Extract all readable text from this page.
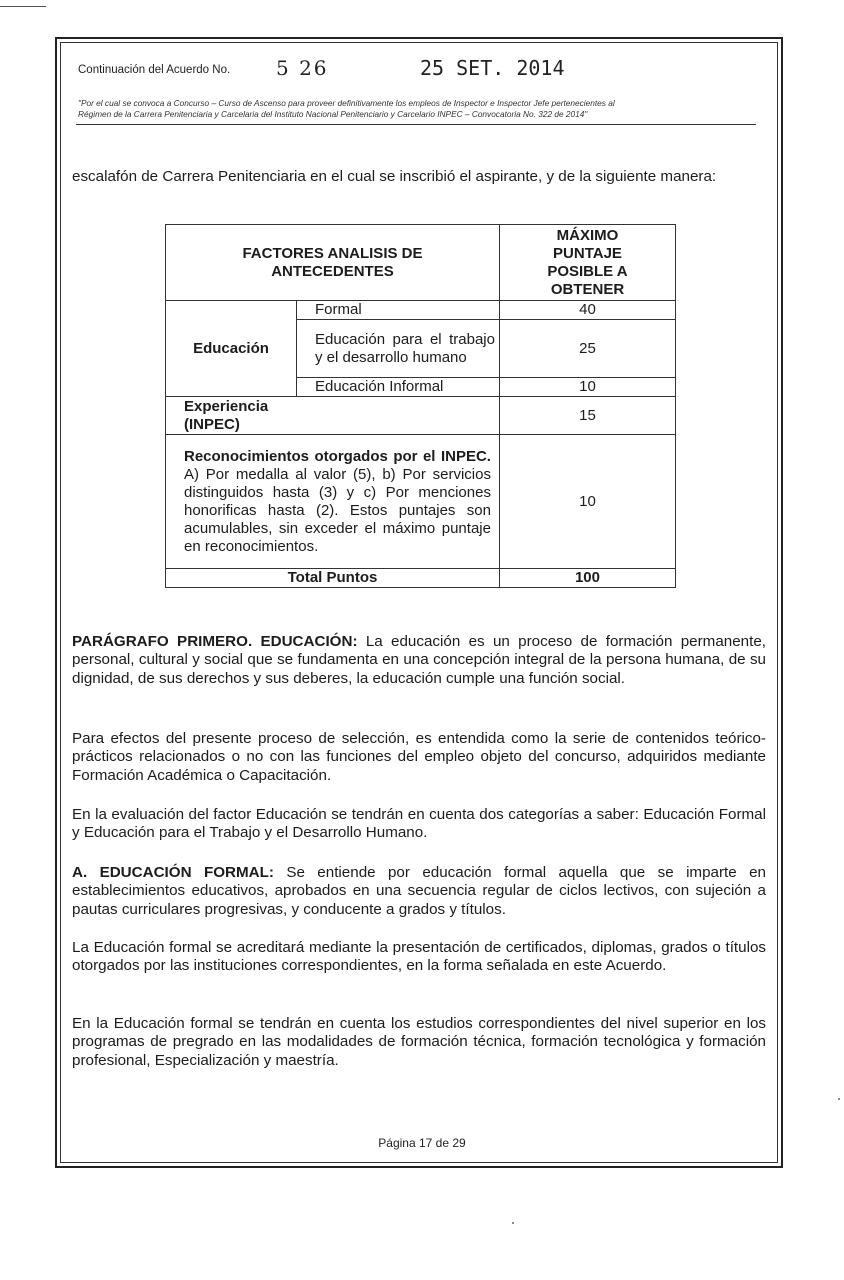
Continuación del Acuerdo No. 5 26	25 SET. 2014
"Por el cual se convoca a Concurso – Curso de Ascenso para proveer definitivamente los empleos de Inspector e Inspector Jefe pertenecientes al
Régimen de la Carrera Penitenciaria y Carcelaria del Instituto Nacional Penitenciario y Carcelario INPEC – Convocatoria No. 322 de 2014"
escalafón de Carrera Penitenciaria en el cual se inscribió el aspirante, y de la siguiente manera:
FACTORES ANALISIS DE ANTECEDENTES		MÁXIMO PUNTAJE POSIBLE A OBTENER
Educación	Formal	40
	Educación para el trabajo y el desarrollo humano	25
	Educación Informal	10
Experiencia (INPEC)		15
Reconocimientos otorgados por el INPEC. A) Por medalla al valor (5), b) Por servicios distinguidos hasta (3) y c) Por menciones honorificas hasta (2). Estos puntajes son acumulables, sin exceder el máximo puntaje en reconocimientos.		10
Total Puntos		100
PARÁGRAFO PRIMERO. EDUCACIÓN: La educación es un proceso de formación permanente, personal, cultural y social que se fundamenta en una concepción integral de la persona humana, de su dignidad, de sus derechos y sus deberes, la educación cumple una función social.
Para efectos del presente proceso de selección, es entendida como la serie de contenidos teórico-prácticos relacionados o no con las funciones del empleo objeto del concurso, adquiridos mediante Formación Académica o Capacitación.
En la evaluación del factor Educación se tendrán en cuenta dos categorías a saber: Educación Formal y Educación para el Trabajo y el Desarrollo Humano.
A. EDUCACIÓN FORMAL: Se entiende por educación formal aquella que se imparte en establecimientos educativos, aprobados en una secuencia regular de ciclos lectivos, con sujeción a pautas curriculares progresivas, y conducente a grados y títulos.
La Educación formal se acreditará mediante la presentación de certificados, diplomas, grados o títulos otorgados por las instituciones correspondientes, en la forma señalada en este Acuerdo.
En la Educación formal se tendrán en cuenta los estudios correspondientes del nivel superior en los programas de pregrado en las modalidades de formación técnica, formación tecnológica y formación profesional, Especialización y maestría.
Página 17 de 29
